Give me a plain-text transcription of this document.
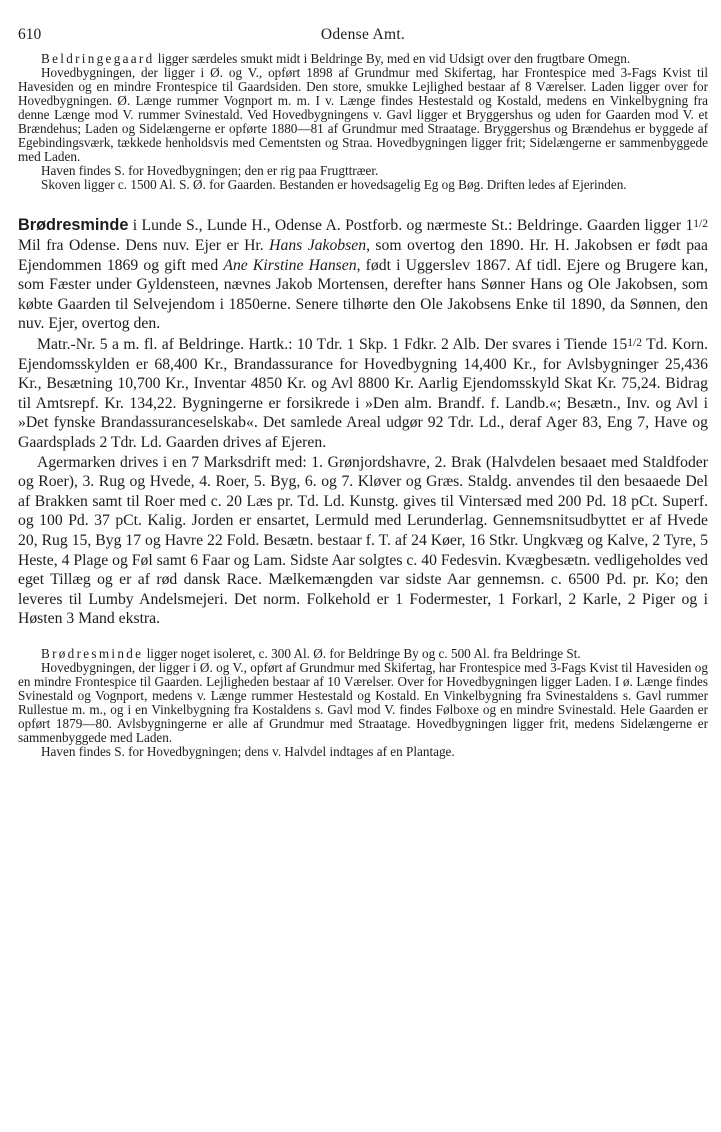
610	Odense Amt.

Beldringegaard ligger særdeles smukt midt i Beldringe By, med en vid Udsigt over den frugtbare Omegn.

Hovedbygningen, der ligger i Ø. og V., opført 1898 af Grundmur med Skifertag, har Frontespice med 3-Fags Kvist til Havesiden og en mindre Frontespice til Gaardsiden. Den store, smukke Lejlighed bestaar af 8 Værelser. Laden ligger over for Hovedbygningen. Ø. Længe rummer Vognport m. m. I v. Længe findes Hestestald og Kostald, medens en Vinkelbygning fra denne Længe mod V. rummer Svinestald. Ved Hovedbygningens v. Gavl ligger et Bryggershus og uden for Gaarden mod V. et Brændehus; Laden og Sidelængerne er opførte 1880—81 af Grundmur med Straatage. Bryggershus og Brændehus er byggede af Egebindingsværk, tækkede henholdsvis med Cementsten og Straa. Hovedbygningen ligger frit; Sidelængerne er sammenbyggede med Laden.

Haven findes S. for Hovedbygningen; den er rig paa Frugttræer.

Skoven ligger c. 1500 Al. S. Ø. for Gaarden. Bestanden er hovedsagelig Eg og Bøg. Driften ledes af Ejerinden.

Brødresminde i Lunde S., Lunde H., Odense A. Postforb. og nærmeste St.: Beldringe. Gaarden ligger 11/2 Mil fra Odense. Dens nuv. Ejer er Hr. Hans Jakobsen, som overtog den 1890. Hr. H. Jakobsen er født paa Ejendommen 1869 og gift med Ane Kirstine Hansen, født i Uggerslev 1867. Af tidl. Ejere og Brugere kan, som Fæster under Gyldensteen, nævnes Jakob Mortensen, derefter hans Sønner Hans og Ole Jakobsen, som købte Gaarden til Selvejendom i 1850erne. Senere tilhørte den Ole Jakobsens Enke til 1890, da Sønnen, den nuv. Ejer, overtog den.

Matr.-Nr. 5 a m. fl. af Beldringe. Hartk.: 10 Tdr. 1 Skp. 1 Fdkr. 2 Alb. Der svares i Tiende 151/2 Td. Korn. Ejendomsskylden er 68,400 Kr., Brandassurance for Hovedbygning 14,400 Kr., for Avlsbygninger 25,436 Kr., Besætning 10,700 Kr., Inventar 4850 Kr. og Avl 8800 Kr. Aarlig Ejendomsskyld Skat Kr. 75,24. Bidrag til Amtsrepf. Kr. 134,22. Bygningerne er forsikrede i »Den alm. Brandf. f. Landb.«; Besætn., Inv. og Avl i »Det fynske Brandassuranceselskab«. Det samlede Areal udgør 92 Tdr. Ld., deraf Ager 83, Eng 7, Have og Gaardsplads 2 Tdr. Ld. Gaarden drives af Ejeren.

Agermarken drives i en 7 Marksdrift med: 1. Grønjordshavre, 2. Brak (Halvdelen besaaet med Staldfoder og Roer), 3. Rug og Hvede, 4. Roer, 5. Byg, 6. og 7. Kløver og Græs. Staldg. anvendes til den besaaede Del af Brakken samt til Roer med c. 20 Læs pr. Td. Ld. Kunstg. gives til Vintersæd med 200 Pd. 18 pCt. Superf. og 100 Pd. 37 pCt. Kalig. Jorden er ensartet, Lermuld med Lerunderlag. Gennemsnitsudbyttet er af Hvede 20, Rug 15, Byg 17 og Havre 22 Fold. Besætn. bestaar f. T. af 24 Køer, 16 Stkr. Ungkvæg og Kalve, 2 Tyre, 5 Heste, 4 Plage og Føl samt 6 Faar og Lam. Sidste Aar solgtes c. 40 Fedesvin. Kvægbesætn. vedligeholdes ved eget Tillæg og er af rød dansk Race. Mælkemængden var sidste Aar gennemsn. c. 6500 Pd. pr. Ko; den leveres til Lumby Andelsmejeri. Det norm. Folkehold er 1 Fodermester, 1 Forkarl, 2 Karle, 2 Piger og i Høsten 3 Mand ekstra.

Brødresminde ligger noget isoleret, c. 300 Al. Ø. for Beldringe By og c. 500 Al. fra Beldringe St.

Hovedbygningen, der ligger i Ø. og V., opført af Grundmur med Skifertag, har Frontespice med 3-Fags Kvist til Havesiden og en mindre Frontespice til Gaarden. Lejligheden bestaar af 10 Værelser. Over for Hovedbygningen ligger Laden. I ø. Længe findes Svinestald og Vognport, medens v. Længe rummer Hestestald og Kostald. En Vinkelbygning fra Svinestaldens s. Gavl rummer Rullestue m. m., og i en Vinkelbygning fra Kostaldens s. Gavl mod V. findes Følboxe og en mindre Svinestald. Hele Gaarden er opført 1879—80. Avlsbygningerne er alle af Grundmur med Straatage. Hovedbygningen ligger frit, medens Sidelængerne er sammenbyggede med Laden.

Haven findes S. for Hovedbygningen; dens v. Halvdel indtages af en Plantage.
